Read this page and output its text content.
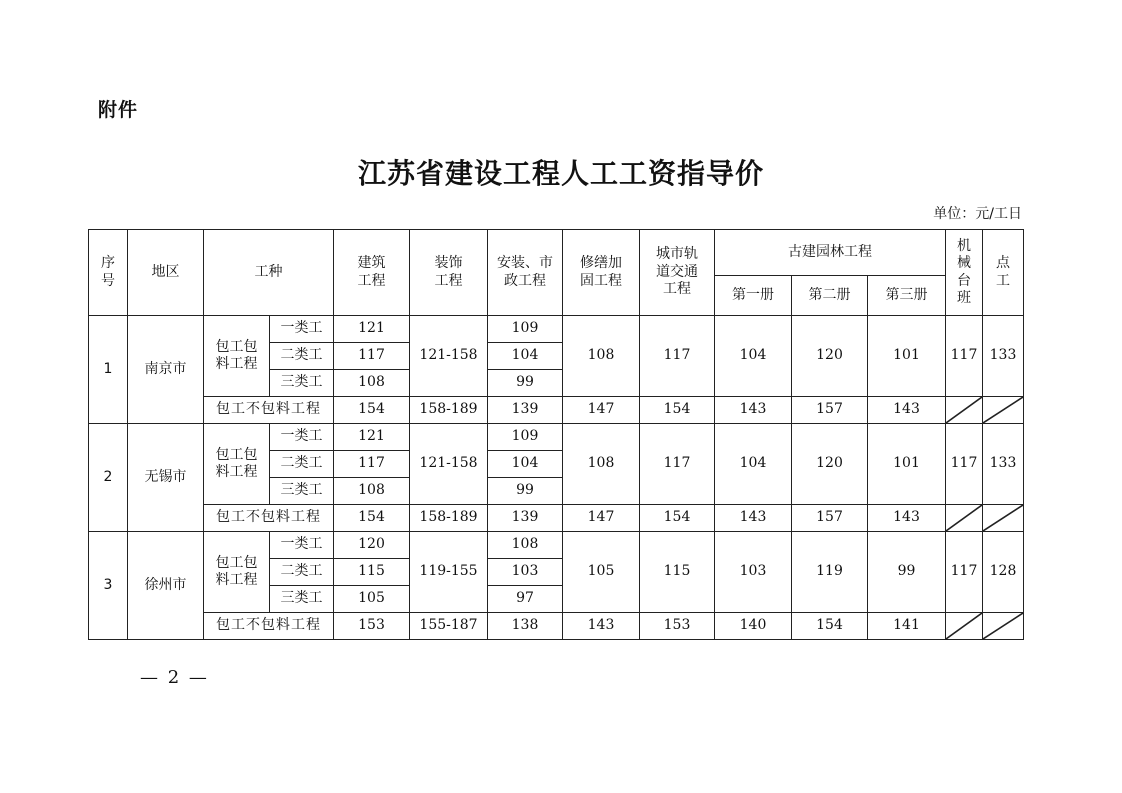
附件
江苏省建设工程人工工资指导价
单位：元/工日
序号	地区	工种		建筑工程	装饰工程	安装、市政工程	修缮加固工程	城市轨道交通工程	古建园林工程			机械台班	点工
									第一册	第二册	第三册		
1	南京市	包工包料工程	一类工	121	121-158	109	108	117	104	120	101	117	133
			二类工	117		104							
			三类工	108		99							
		包工不包料工程		154	158-189	139	147	154	143	157	143	

2	无锡市	包工包料工程	一类工	121	121-158	109	108	117	104	120	101	117	133
			二类工	117		104							
			三类工	108		99							
		包工不包料工程		154	158-189	139	147	154	143	157	143	

3	徐州市	包工包料工程	一类工	120	119-155	108	105	115	103	119	99	117	128
			二类工	115		103							
			三类工	105		97							
		包工不包料工程		153	155-187	138	143	153	140	154	141	

— 2 —
